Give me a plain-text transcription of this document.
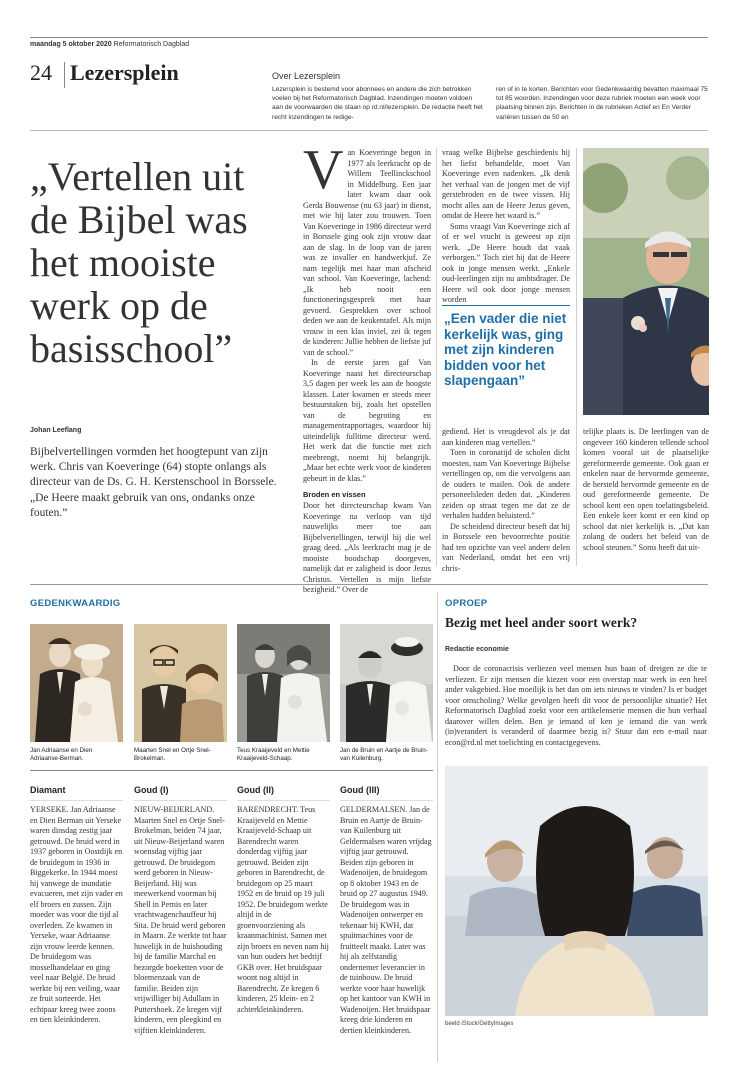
maandag 5 oktober 2020 Reformatorisch Dagblad
24 Lezersplein	Over Lezersplein
Lezersplein is bestemd voor abonnees en andere die zich betrokken voelen bij het Reformatorisch Dagblad. Inzendingen moeten voldoen aan de voorwaarden die staan op rd.nl/lezersplein. De redactie heeft het recht inzendingen te redige-
ren of in te korten. Berichten voor Gedenkwaardig bevatten maximaal 75 tot 85 woorden. Inzendingen voor deze rubriek moeten een week voor plaatsing binnen zijn. Berichten in de rubrieken Actief en En Verder variëren tussen de 50 en
„Vertellen uit de Bijbel was het mooiste werk op de basisschool”
Johan Leeflang
Bijbelvertellingen vormden het hoogtepunt van zijn werk. Chris van Koeveringe (64) stopte onlangs als directeur van de Ds. G. H. Kerstenschool in Borssele. „De Heere maakt gebruik van ons, ondanks onze fouten.”
V an Koeveringe begon in 1977 als leerkracht op de Willem Teellinckschool in Middelburg. Een jaar later kwam daar ook Gerda Bouwense (nu 63 jaar) in dienst, met wie hij later zou trouwen. Toen Van Koeveringe in 1986 directeur werd in Borssele ging ook zijn vrouw daar aan de slag. In de loop van de jaren was ze invaller en handwerkjuf. Ze nam tegelijk met haar man afscheid van school. Van Koeveringe, lachend: „Ik heb nooit een functioneringsgesprek met haar gevoerd. Gesprekken over school deden we aan de keukentafel. Als mijn vrouw in een klas inviel, zei ik tegen de kinderen: Jullie hebben de liefste juf van de school.”
In de eerste jaren gaf Van Koeveringe naast het directeurschap 3,5 dagen per week les aan de hoogste klassen. Later kwamen er steeds meer bestuurstaken bij, zoals het opstellen van de begroting en managementrapportages, waardoor hij uiteindelijk fulltime directeur werd. Het werk dat die functie met zich meebrengt, noemt hij belangrijk. „Maar het echte werk voor de kinderen gebeurt in de klas.”
Broden en vissen
Door het directeurschap kwam Van Koeveringe na verloop van tijd nauwelijks meer toe aan Bijbelvertellingen, terwijl hij die wel graag deed. „Als leerkracht mag je de mooiste boodschap doorgeven, namelijk dat er zaligheid is door Jezus Christus. Vertellen is mijn liefste bezigheid.” Over de
vraag welke Bijbelse geschiedenis hij het liefst behandelde, moet Van Koeveringe even nadenken. „Ik denk het verhaal van de jongen met de vijf gerstebroden en de twee vissen. Hij mocht alles aan de Heere Jezus geven, omdat de Heere het waard is.”
Soms vraagt Van Koeveringe zich af of er wel vrucht is geweest op zijn werk. „De Heere houdt dat vaak verborgen.” Toch ziet hij dat de Heere ook in jonge mensen werkt. „Enkele oud-leerlingen zijn nu ambtsdrager. De Heere wil ook door jonge mensen worden
„Een vader die niet kerkelijk was, ging met zijn kinderen bidden voor het slapengaan”
gediend. Het is vreugdevol als je dat aan kinderen mag vertellen.”
Toen in coronatijd de scholen dicht moesten, nam Van Koeveringe Bijbelse vertellingen op, om die vervolgens aan de ouders te mailen. Ook de andere personeelsleden deden dat. „Kinderen zeiden op straat tegen me dat ze de verhalen hadden beluisterd.”
De scheidend directeur beseft dat hij in Borssele een bevoorrechte positie had ten opzichte van veel andere delen van Nederland, omdat het een vrij chris-
telijke plaats is. De leerlingen van de ongeveer 160 kinderen tellende school komen vooral uit de plaatselijke gereformeerde gemeente. Ook gaan er enkelen naar de hervormde gemeente, de hersteld hervormde gemeente en de oud gereformeerde gemeente. De school kent een open toelatingsbeleid. Een enkele keer komt er een kind op school dat niet kerkelijk is. „Dat kan zolang de ouders het beleid van de school steunen.” Soms heeft dat uit-
GEDENKWAARDIG
Jan Adriaanse en Dien Adriaanse-Berman.
Maarten Snel en Ortje Snel-Brokelman.
Teus Kraaijeveld en Mettie Kraaijeveld-Schaap.
Jan de Bruin en Aartje de Bruin-van Kuilenburg.
Diamant	Goud (I)	Goud (II)	Goud (III)
YERSEKE. Jan Adriaanse en Dien Berman uit Yerseke waren dinsdag zestig jaar getrouwd. De bruid werd in 1937 geboren in Oostdijk en de bruidegom in 1936 in Biggekerke. In 1944 moest hij vanwege de inundatie evacueren, met zijn vader en elf broers en zussen. Zijn moeder was voor die tijd al overleden. Ze kwamen in Yerseke, waar Adriaanse zijn vrouw leerde kennen. De bruidegom was mosselhandelaar en ging veel naar België. De bruid werkte bij een veiling, waar ze fruit sorteerde. Het echtpaar kreeg twee zoons en tien kleinkinderen.
NIEUW-BEIJERLAND. Maarten Snel en Ortje Snel-Brokelman, beiden 74 jaar, uit Nieuw-Beijerland waren woensdag vijftig jaar getrouwd. De bruidegom werd geboren in Nieuw-Beijerland. Hij was meewerkend voorman bij Shell in Pernis en later vrachtwagenchauffeur bij Sita. De bruid werd geboren in Maarn. Ze werkte tot haar huwelijk in de huishouding bij de familie Marchal en bezorgde boeketten voor de bloemenzaak van de familie. Beiden zijn vrijwilliger bij Adullam in Puttershoek. Ze kregen vijf kinderen, een pleegkind en vijftien kleinkinderen.
BARENDRECHT. Teus Kraaijeveld en Mettie Kraaijeveld-Schaap uit Barendrecht waren donderdag vijftig jaar getrouwd. Beiden zijn geboren in Barendrecht, de bruidegom op 25 maart 1952 en de bruid op 19 juli 1952. De bruidegom werkte altijd in de groenvoorziening als kraanmachinist. Samen met zijn broers en neven nam hij van hun ouders het bedrijf GKB over. Het bruidspaar woont nog altijd in Barendrecht. Ze kregen 6 kinderen, 25 klein- en 2 achterkleinkinderen.
GELDERMALSEN. Jan de Bruin en Aartje de Bruin-van Kuilenburg uit Geldermalsen waren vrijdag vijftig jaar getrouwd. Beiden zijn geboren in Wadenoijen, de bruidegom op 8 oktober 1943 en de bruid op 27 augustus 1949. De bruidegom was in Wadenoijen ontwerper en tekenaar bij KWH, dat spuitmachines voor de fruitteelt maakt. Later was hij als zelfstandig ondernemer leverancier in de tuinbouw. De bruid werkte voor haar huwelijk op het kantoor van KWH in Wadenoijen. Het bruidspaar kreeg drie kinderen en dertien kleinkinderen.
OPROEP
Bezig met heel ander soort werk?
Redactie economie
Door de coronacrisis verliezen veel mensen hun baan of dreigen ze die te verliezen. Er zijn mensen die kiezen voor een overstap naar werk in een heel ander vakgebied. Hoe moeilijk is het dan om iets nieuws te vinden? Is er budget voor omscholing? Welke gevolgen heeft dit voor de persoonlijke situatie? Het Reformatorisch Dagblad zoekt voor een artikelenserie mensen die hun verhaal daarover willen delen. Ben je iemand of ken je iemand die van werk (in)verandert is veranderd of daarmee bezig is? Stuur dan een e-mail naar econ@rd.nl met toelichting en contactgegevens.
beeld iStock/GettyImages
